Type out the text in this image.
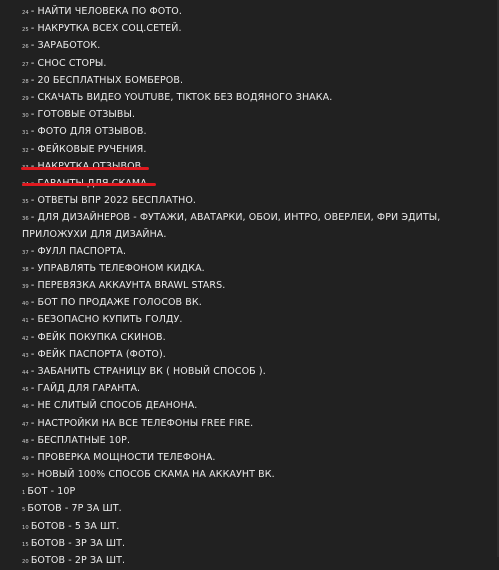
24 - НАЙТИ ЧЕЛОВЕКА ПО ФОТО.
25 - НАКРУТКА ВСЕХ СОЦ.СЕТЕЙ.
26 - ЗАРАБОТОК.
27 - СНОС СТОРЫ.
28 - 20 БЕСПЛАТНЫХ БОМБЕРОВ.
29 - СКАЧАТЬ ВИДЕО YOUTUBE, TIKTOK БЕЗ ВОДЯНОГО ЗНАКА.
30 - ГОТОВЫЕ ОТЗЫВЫ.
31 - ФОТО ДЛЯ ОТЗЫВОВ.
32 - ФЕЙКОВЫЕ РУЧЕНИЯ.
35 - ОТВЕТЫ ВПР 2022 БЕСПЛАТНО.
36 - ДЛЯ ДИЗАЙНЕРОВ - ФУТАЖИ, АВАТАРКИ, ОБОИ, ИНТРО, ОВЕРЛЕИ, ФРИ ЭДИТЫ, ПРИЛОЖУХИ ДЛЯ ДИЗАЙНА.
37 - ФУЛЛ ПАСПОРТА.
38 - УПРАВЛЯТЬ ТЕЛЕФОНОМ КИДКА.
39 - ПЕРЕВЯЗКА АККАУНТА BRAWL STARS.
40 - БОТ ПО ПРОДАЖЕ ГОЛОСОВ ВК.
41 - БЕЗОПАСНО КУПИТЬ ГОЛДУ.
42 - ФЕЙК ПОКУПКА СКИНОВ.
43 - ФЕЙК ПАСПОРТА (ФОТО).
44 - ЗАБАНИТЬ СТРАНИЦУ ВК ( НОВЫЙ СПОСОБ ).
45 - ГАЙД ДЛЯ ГАРАНТА.
46 - НЕ СЛИТЫЙ СПОСОБ ДЕАНОНА.
47 - НАСТРОЙКИ НА ВСЕ ТЕЛЕФОНЫ FREE FIRE.
48 - БЕСПЛАТНЫЕ 10Р.
49 - ПРОВЕРКА МОЩНОСТИ ТЕЛЕФОНА.
50 - НОВЫЙ 100% СПОСОБ СКАМА НА АККАУНТ ВК.
1 БОТ - 10Р
5 БОТОВ - 7Р ЗА ШТ.
10 БОТОВ - 5 ЗА ШТ.
15 БОТОВ - 3Р ЗА ШТ.
20 БОТОВ - 2Р ЗА ШТ.
